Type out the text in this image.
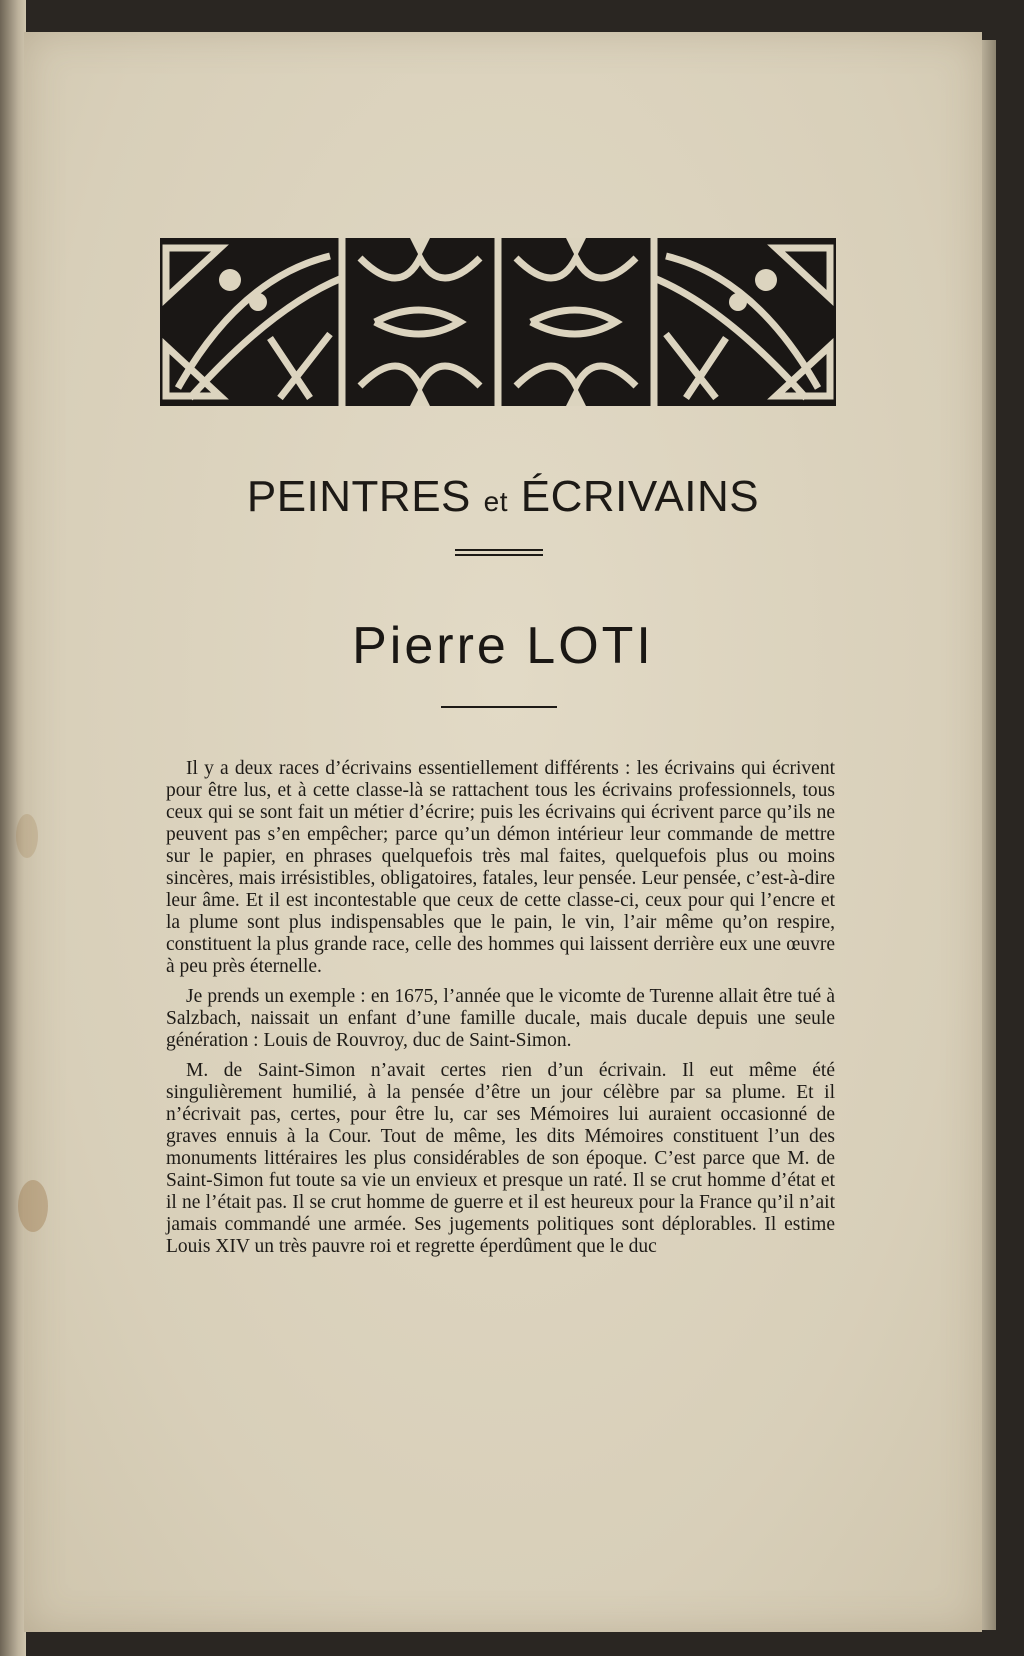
PEINTRES et ÉCRIVAINS
Pierre LOTI

Il y a deux races d’écrivains essentiellement différents : les écrivains qui écrivent pour être lus, et à cette classe-là se rattachent tous les écrivains professionnels, tous ceux qui se sont fait un métier d’écrire; puis les écrivains qui écrivent parce qu’ils ne peuvent pas s’en empêcher; parce qu’un démon intérieur leur commande de mettre sur le papier, en phrases quelquefois très mal faites, quelquefois plus ou moins sincères, mais irrésistibles, obligatoires, fatales, leur pensée. Leur pensée, c’est-à-dire leur âme. Et il est incontestable que ceux de cette classe-ci, ceux pour qui l’encre et la plume sont plus indispensables que le pain, le vin, l’air même qu’on respire, constituent la plus grande race, celle des hommes qui laissent derrière eux une œuvre à peu près éternelle.

Je prends un exemple : en 1675, l’année que le vicomte de Turenne allait être tué à Salzbach, naissait un enfant d’une famille ducale, mais ducale depuis une seule génération : Louis de Rouvroy, duc de Saint-Simon.

M. de Saint-Simon n’avait certes rien d’un écrivain. Il eut même été singulièrement humilié, à la pensée d’être un jour célèbre par sa plume. Et il n’écrivait pas, certes, pour être lu, car ses Mémoires lui auraient occasionné de graves ennuis à la Cour. Tout de même, les dits Mémoires constituent l’un des monuments littéraires les plus considérables de son époque. C’est parce que M. de Saint-Simon fut toute sa vie un envieux et presque un raté. Il se crut homme d’état et il ne l’était pas. Il se crut homme de guerre et il est heureux pour la France qu’il n’ait jamais commandé une armée. Ses jugements politiques sont déplorables. Il estime Louis XIV un très pauvre roi et regrette éperdûment que le duc
